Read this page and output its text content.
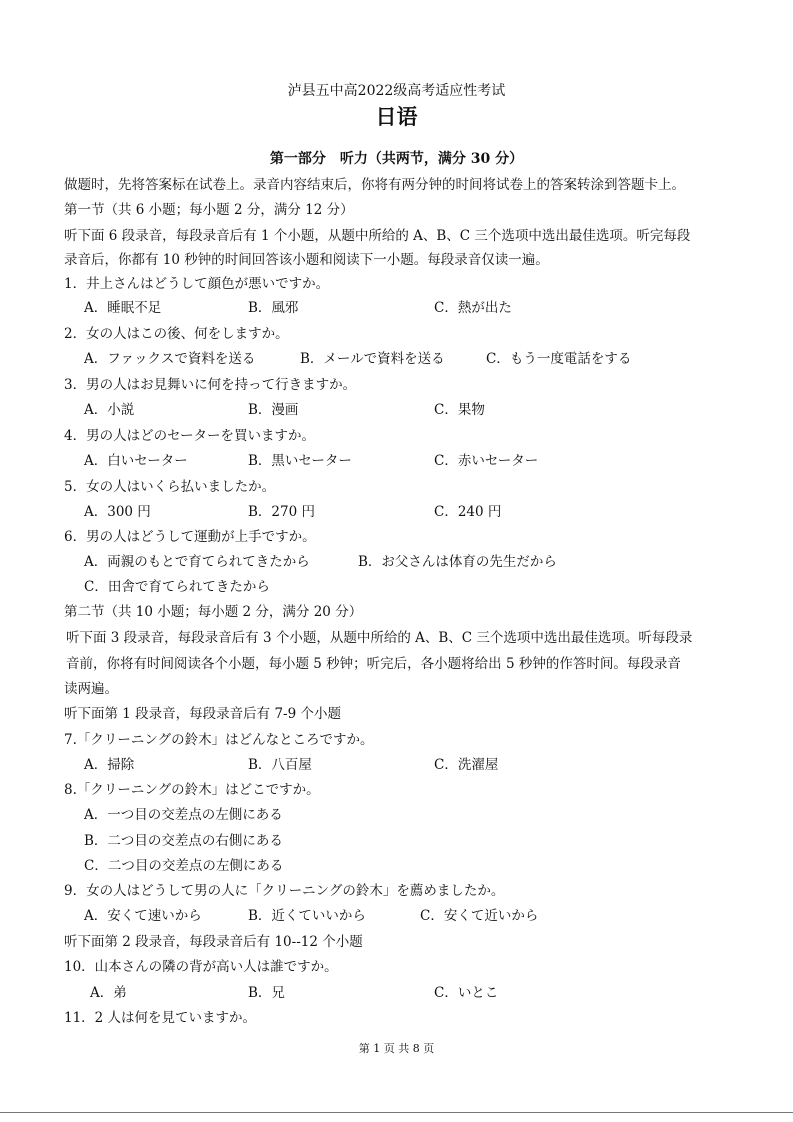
泸县五中高2022级高考适应性考试

日语

第一部分　听力（共两节，满分 30 分）

做题时，先将答案标在试卷上。录音内容结束后，你将有两分钟的时间将试卷上的答案转涂到答题卡上。

第一节（共 6 小题；每小题 2 分，满分 12 分）

听下面 6 段录音，每段录音后有 1 个小题，从题中所给的 A、B、C 三个选项中选出最佳选项。听完每段

录音后，你都有 10 秒钟的时间回答该小题和阅读下一小题。每段录音仅读一遍。

1．井上さんはどうして顔色が悪いですか。

A．睡眠不足	B．風邪	C．熱が出た

2．女の人はこの後、何をしますか。

A．ファックスで資料を送る	B．メールで資料を送る	C．もう一度電話をする

3．男の人はお見舞いに何を持って行きますか。

A．小説	B．漫画	C．果物

4．男の人はどのセーターを買いますか。

A．白いセーター	B．黒いセーター	C．赤いセーター

5．女の人はいくら払いましたか。

A．300 円	B．270 円	C．240 円

6．男の人はどうして運動が上手ですか。

A．両親のもとで育てられてきたから	B．お父さんは体育の先生だから
C．田舎で育てられてきたから

第二节（共 10 小题；每小题 2 分，满分 20 分）

听下面 3 段录音，每段录音后有 3 个小题，从题中所给的 A、B、C 三个选项中选出最佳选项。听每段录

音前，你将有时间阅读各个小题，每小题 5 秒钟；听完后，各小题将给出 5 秒钟的作答时间。每段录音

读两遍。

听下面第 1 段录音，每段录音后有 7-9 个小题

7.「クリーニングの鈴木」はどんなところですか。

A．掃除	B．八百屋	C．洗濯屋

8.「クリーニングの鈴木」はどこですか。

A．一つ目の交差点の左側にある

B．二つ目の交差点の右側にある

C．二つ目の交差点の左側にある

9．女の人はどうして男の人に「クリーニングの鈴木」を薦めましたか。

A．安くて速いから	B．近くていいから	C．安くて近いから

听下面第 2 段录音，每段录音后有 10--12 个小题

10．山本さんの隣の背が高い人は誰ですか。

A．弟	B．兄	C．いとこ

11．2 人は何を見ていますか。

第 1 页 共 8 页
